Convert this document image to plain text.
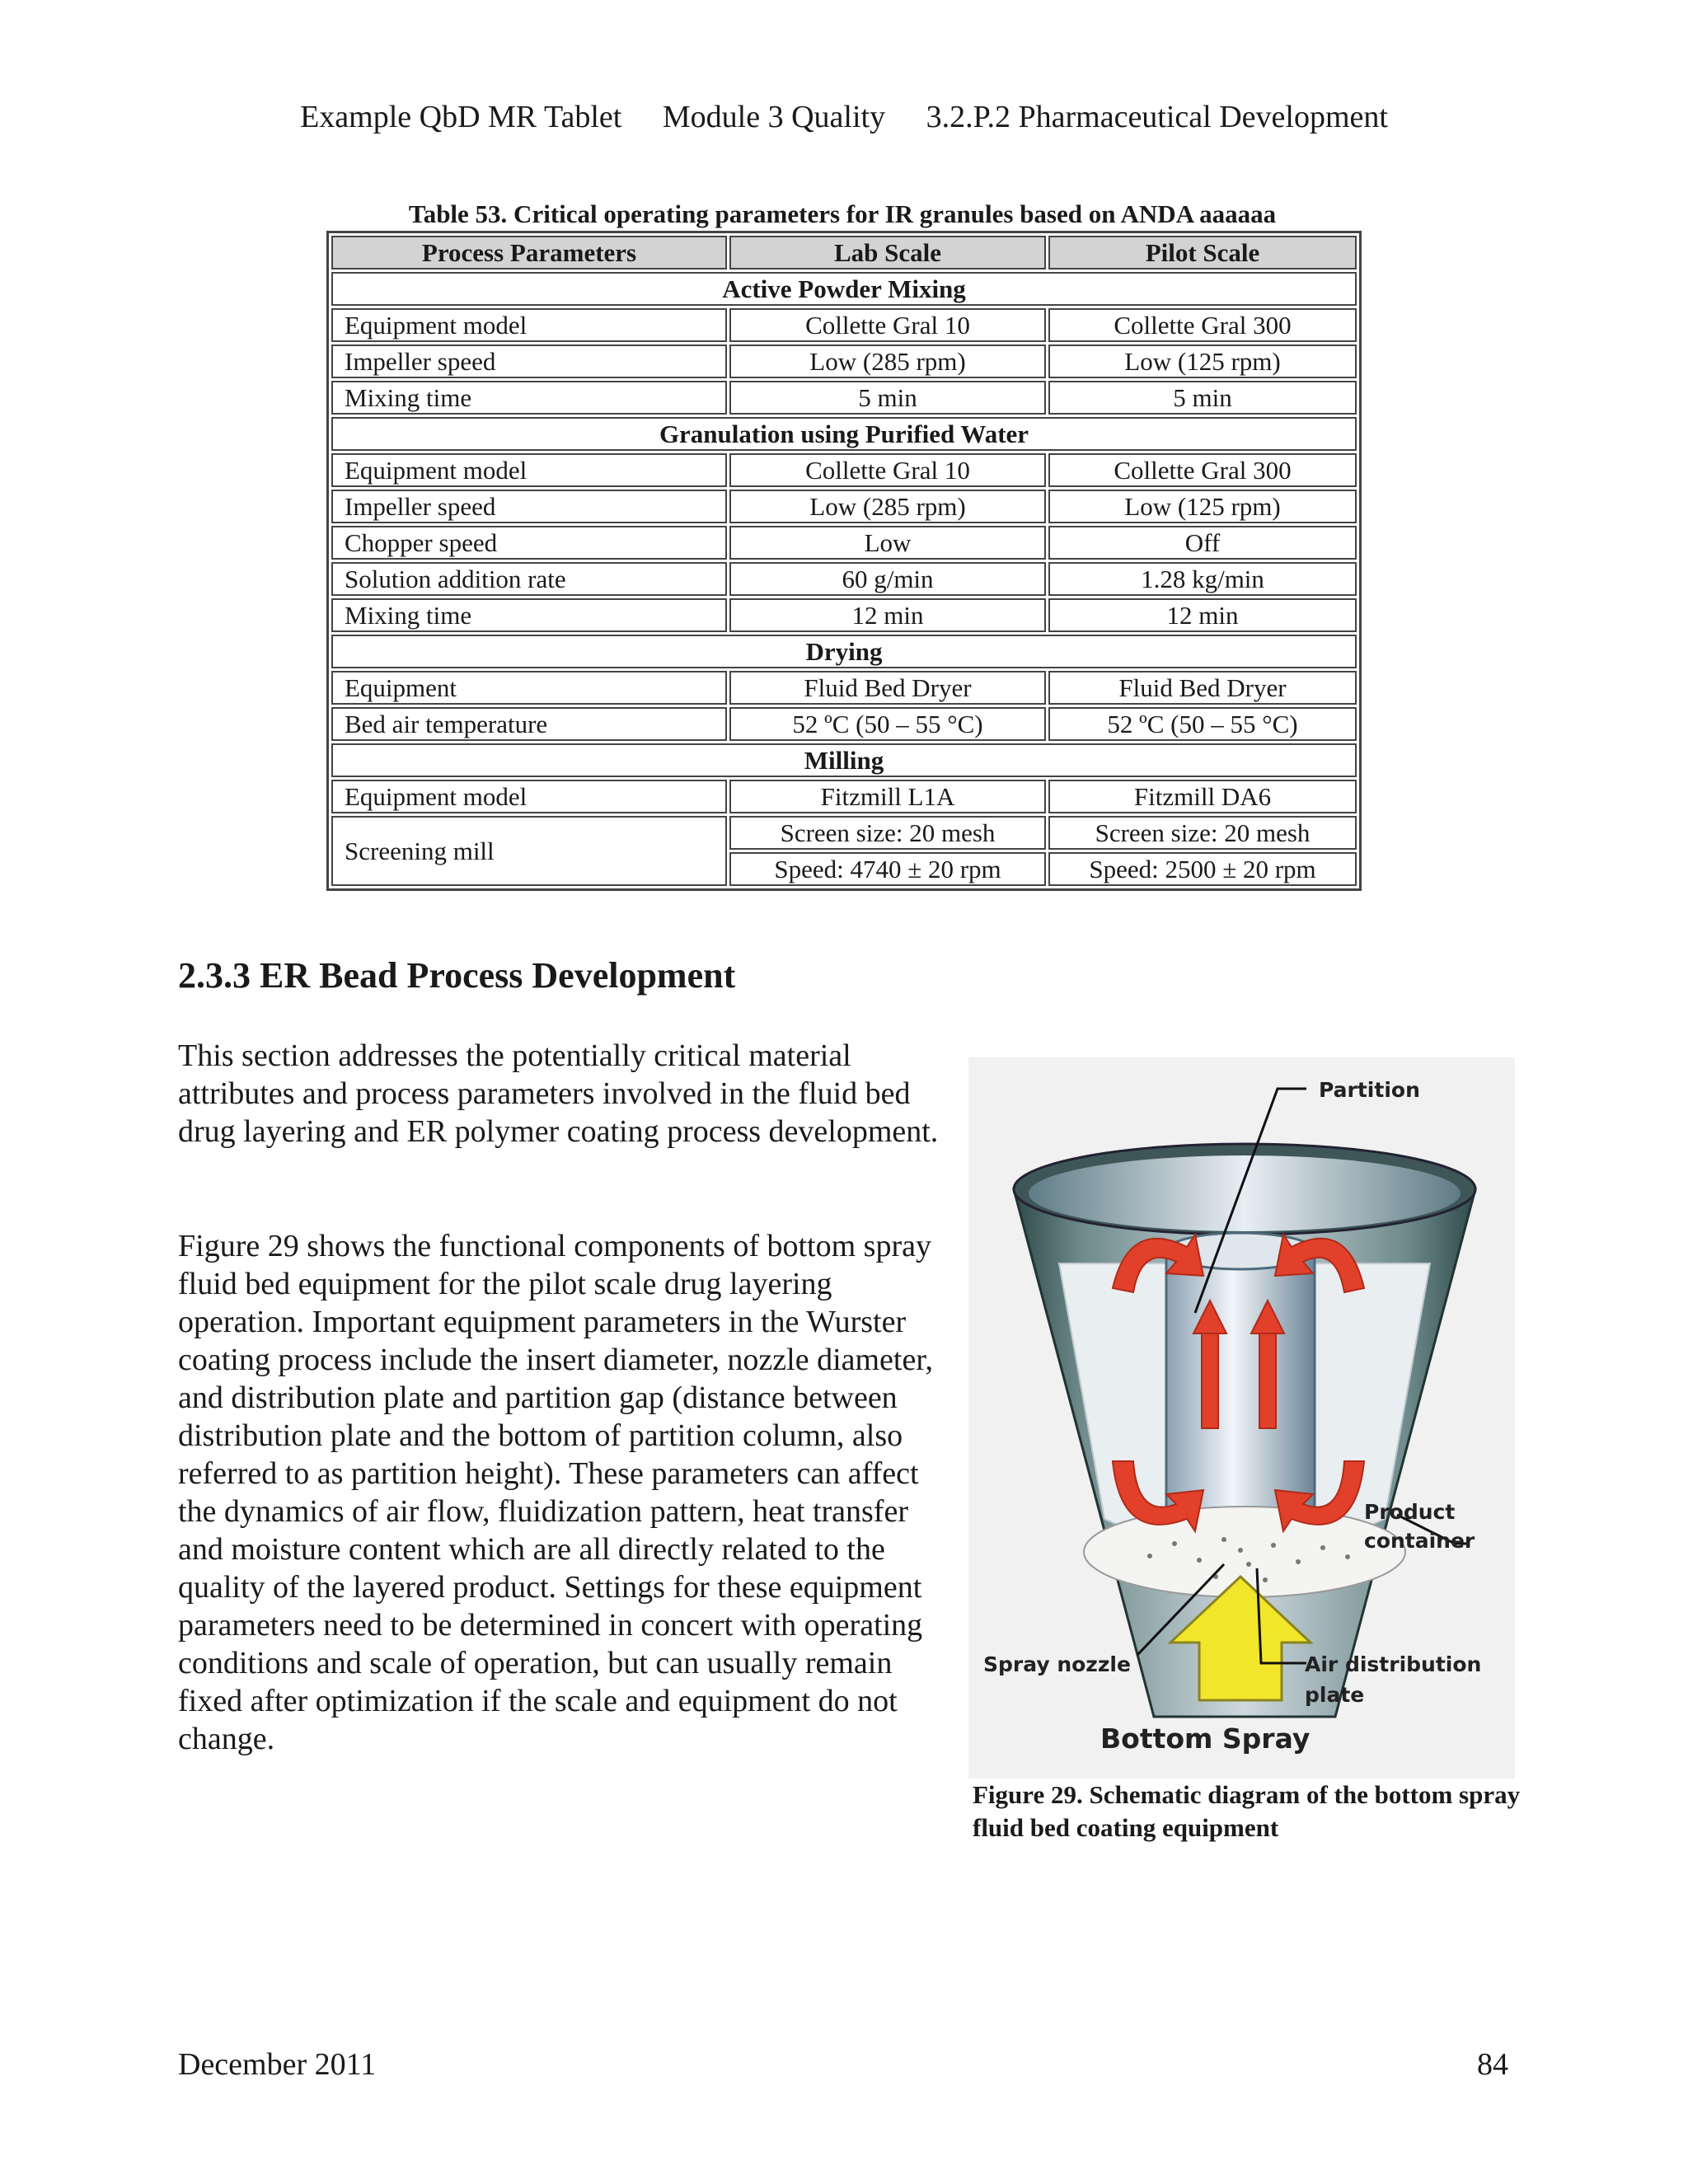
Example QbD MR Tablet Module 3 Quality 3.2.P.2 Pharmaceutical Development
Table 53. Critical operating parameters for IR granules based on ANDA aaaaaa
Process Parameters	Lab Scale	Pilot Scale
Active Powder Mixing		
Equipment model	Collette Gral 10	Collette Gral 300
Impeller speed	Low (285 rpm)	Low (125 rpm)
Mixing time	5 min	5 min
Granulation using Purified Water		
Equipment model	Collette Gral 10	Collette Gral 300
Impeller speed	Low (285 rpm)	Low (125 rpm)
Chopper speed	Low	Off
Solution addition rate	60 g/min	1.28 kg/min
Mixing time	12 min	12 min
Drying		
Equipment	Fluid Bed Dryer	Fluid Bed Dryer
Bed air temperature	52 ºC (50 – 55 °C)	52 ºC (50 – 55 °C)
Milling		
Equipment model	Fitzmill L1A	Fitzmill DA6
Screening mill	Screen size: 20 mesh	Screen size: 20 mesh
	Speed: 4740 ± 20 rpm	Speed: 2500 ± 20 rpm
2.3.3 ER Bead Process Development
This section addresses the potentially critical material attributes and process parameters involved in the fluid bed drug layering and ER polymer coating process development.
Figure 29 shows the functional components of bottom spray fluid bed equipment for the pilot scale drug layering operation. Important equipment parameters in the Wurster coating process include the insert diameter, nozzle diameter, and distribution plate and partition gap (distance between distribution plate and the bottom of partition column, also referred to as partition height). These parameters can affect the dynamics of air flow, fluidization pattern, heat transfer and moisture content which are all directly related to the quality of the layered product. Settings for these equipment parameters need to be determined in concert with operating conditions and scale of operation, but can usually remain fixed after optimization if the scale and equipment do not change.
Partition
Product
container
Spray nozzle	Air distribution
plate
Bottom Spray
Figure 29. Schematic diagram of the bottom spray fluid bed coating equipment
December 2011	84
